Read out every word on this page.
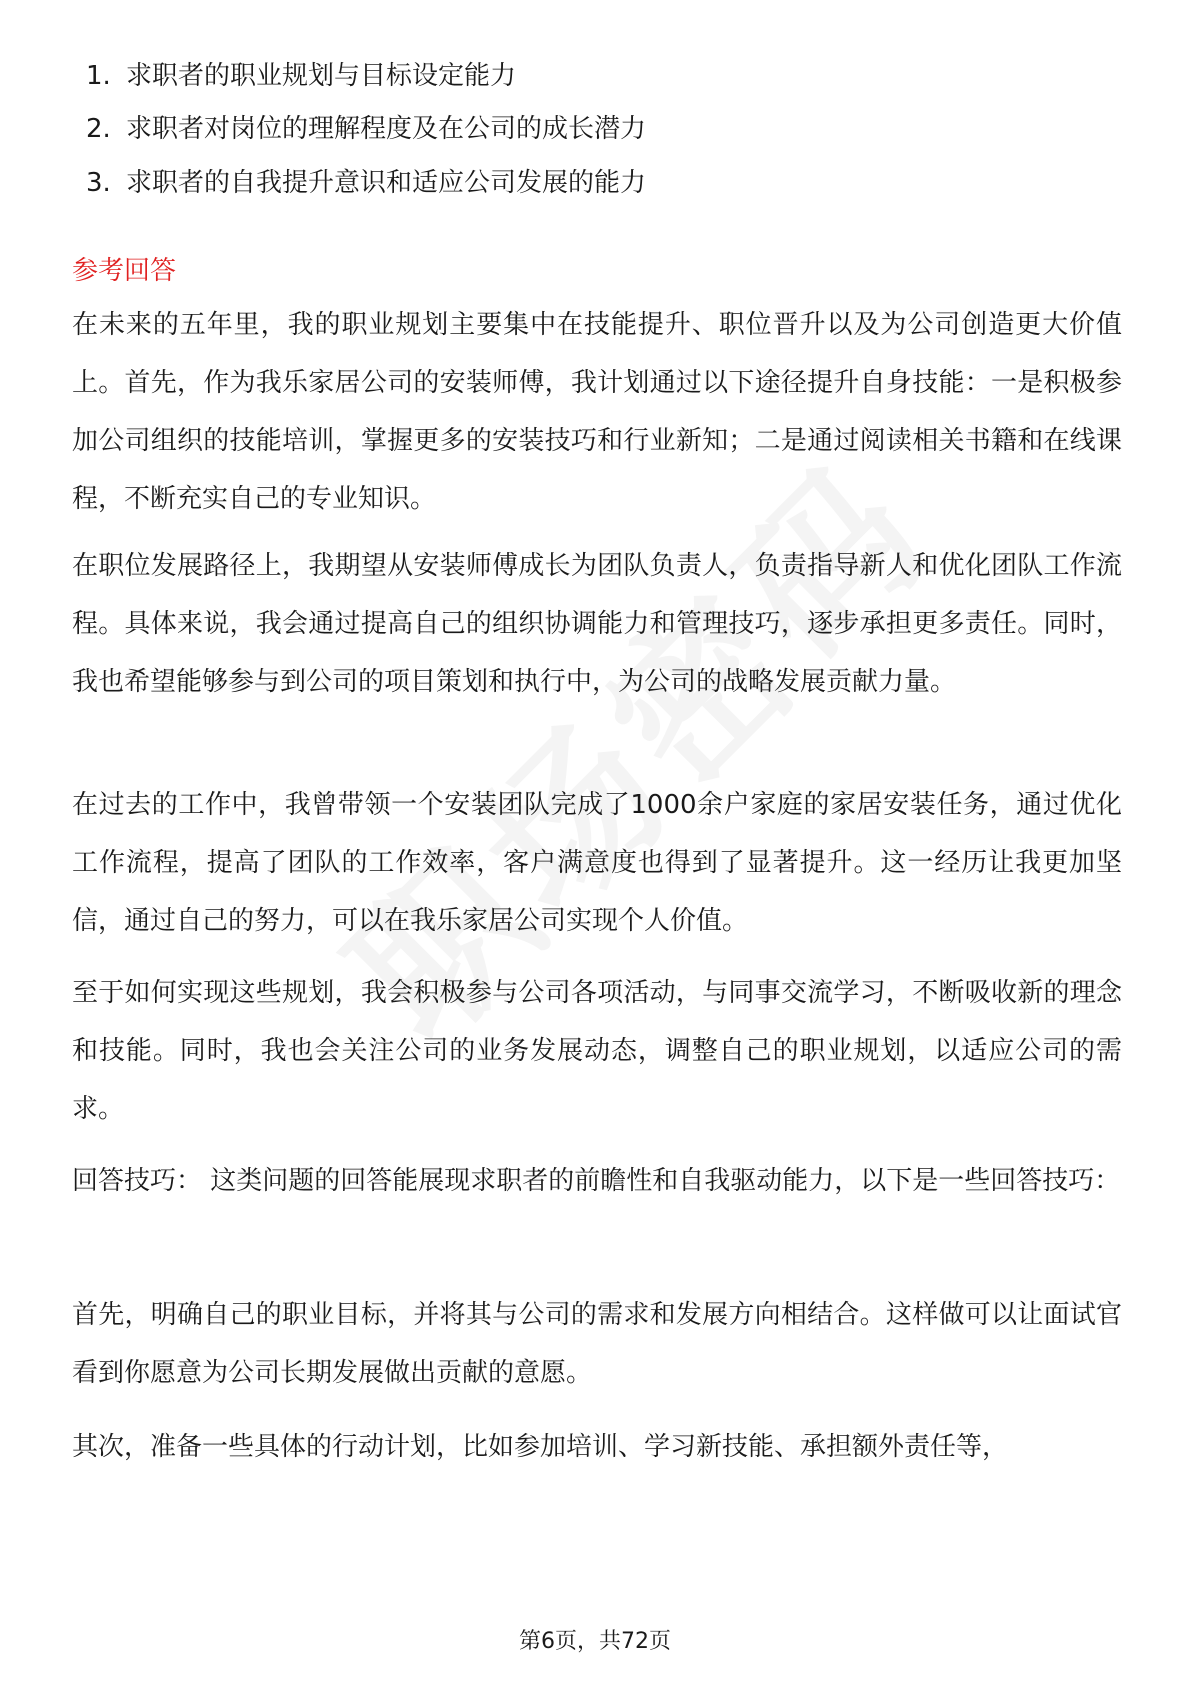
1. 求职者的职业规划与目标设定能力
2. 求职者对岗位的理解程度及在公司的成长潜力
3. 求职者的自我提升意识和适应公司发展的能力
参考回答

在未来的五年里，我的职业规划主要集中在技能提升、职位晋升以及为公司创造更大价值上。首先，作为我乐家居公司的安装师傅，我计划通过以下途径提升自身技能：一是积极参加公司组织的技能培训，掌握更多的安装技巧和行业新知；二是通过阅读相关书籍和在线课程，不断充实自己的专业知识。

在职位发展路径上，我期望从安装师傅成长为团队负责人，负责指导新人和优化团队工作流程。具体来说，我会通过提高自己的组织协调能力和管理技巧，逐步承担更多责任。同时，我也希望能够参与到公司的项目策划和执行中，为公司的战略发展贡献力量。

在过去的工作中，我曾带领一个安装团队完成了1000余户家庭的家居安装任务，通过优化工作流程，提高了团队的工作效率，客户满意度也得到了显著提升。这一经历让我更加坚信，通过自己的努力，可以在我乐家居公司实现个人价值。

至于如何实现这些规划，我会积极参与公司各项活动，与同事交流学习，不断吸收新的理念和技能。同时，我也会关注公司的业务发展动态，调整自己的职业规划，以适应公司的需求。

回答技巧： 这类问题的回答能展现求职者的前瞻性和自我驱动能力，以下是一些回答技巧：

首先，明确自己的职业目标，并将其与公司的需求和发展方向相结合。这样做可以让面试官看到你愿意为公司长期发展做出贡献的意愿。

其次，准备一些具体的行动计划，比如参加培训、学习新技能、承担额外责任等，

第6页，共72页
